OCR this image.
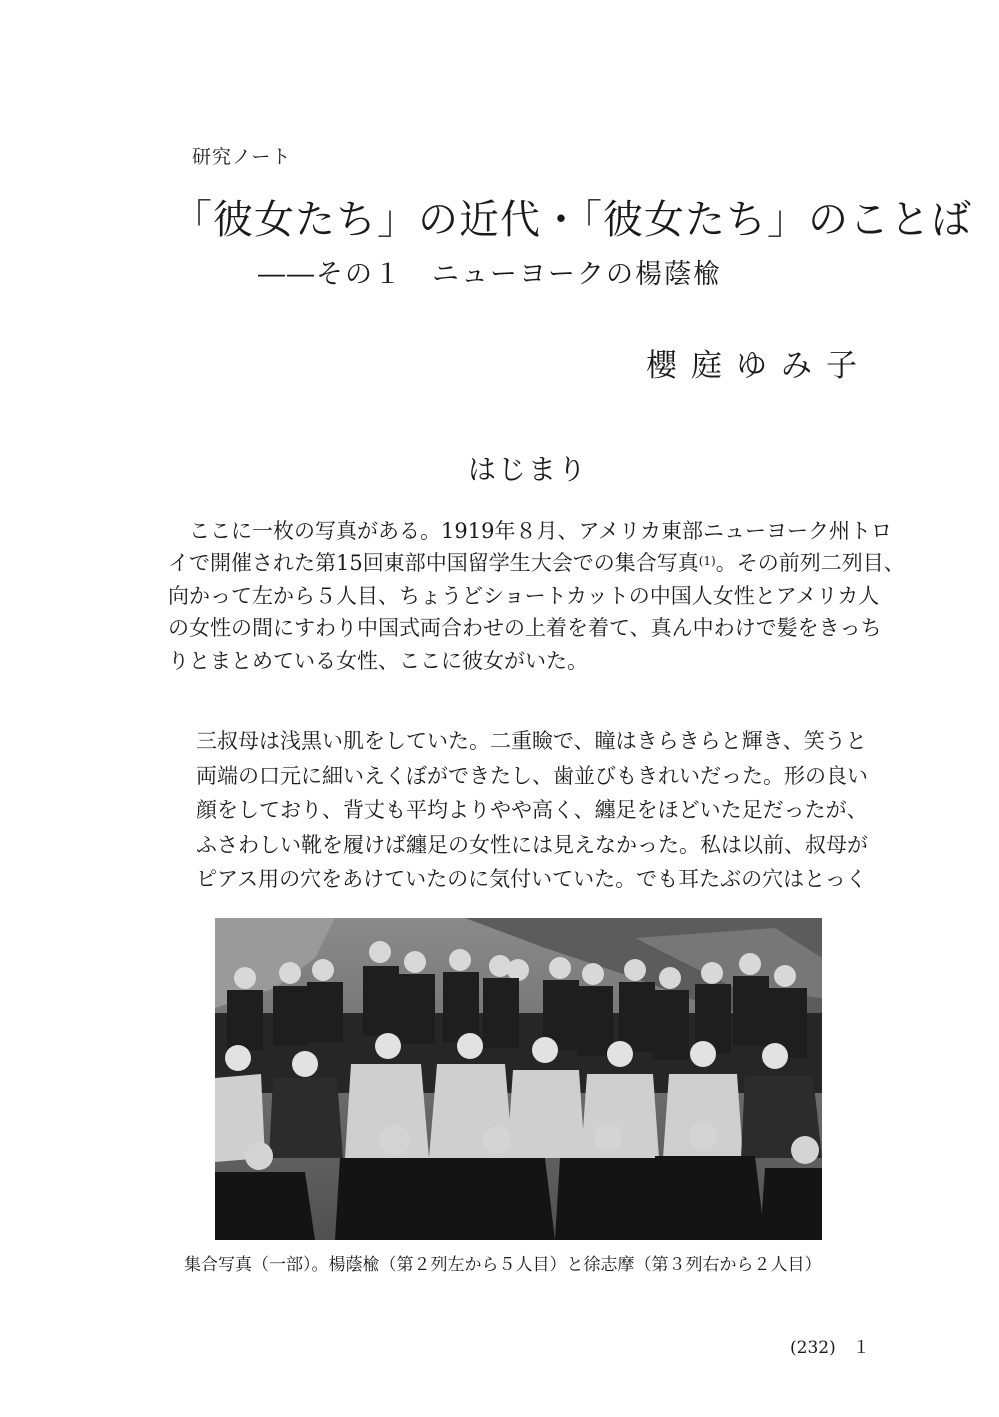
研究ノート
「彼女たち」の近代・「彼女たち」のことば
――その１　ニューヨークの楊蔭楡
櫻庭ゆみ子
はじまり
ここに一枚の写真がある。1919年８月、アメリカ東部ニューヨーク州トロ
イで開催された第15回東部中国留学生大会での集合写真$^{(1)}$。その前列二列目、
向かって左から５人目、ちょうどショートカットの中国人女性とアメリカ人
の女性の間にすわり中国式両合わせの上着を着て、真ん中わけで髪をきっち
りとまとめている女性、ここに彼女がいた。
三叔母は浅黒い肌をしていた。二重瞼で、瞳はきらきらと輝き、笑うと
両端の口元に細いえくぼができたし、歯並びもきれいだった。形の良い
顔をしており、背丈も平均よりやや高く、纏足をほどいた足だったが、
ふさわしい靴を履けば纏足の女性には見えなかった。私は以前、叔母が
ピアス用の穴をあけていたのに気付いていた。でも耳たぶの穴はとっく
集合写真（一部）。楊蔭楡（第２列左から５人目）と徐志摩（第３列右から２人目）
(232)　１
